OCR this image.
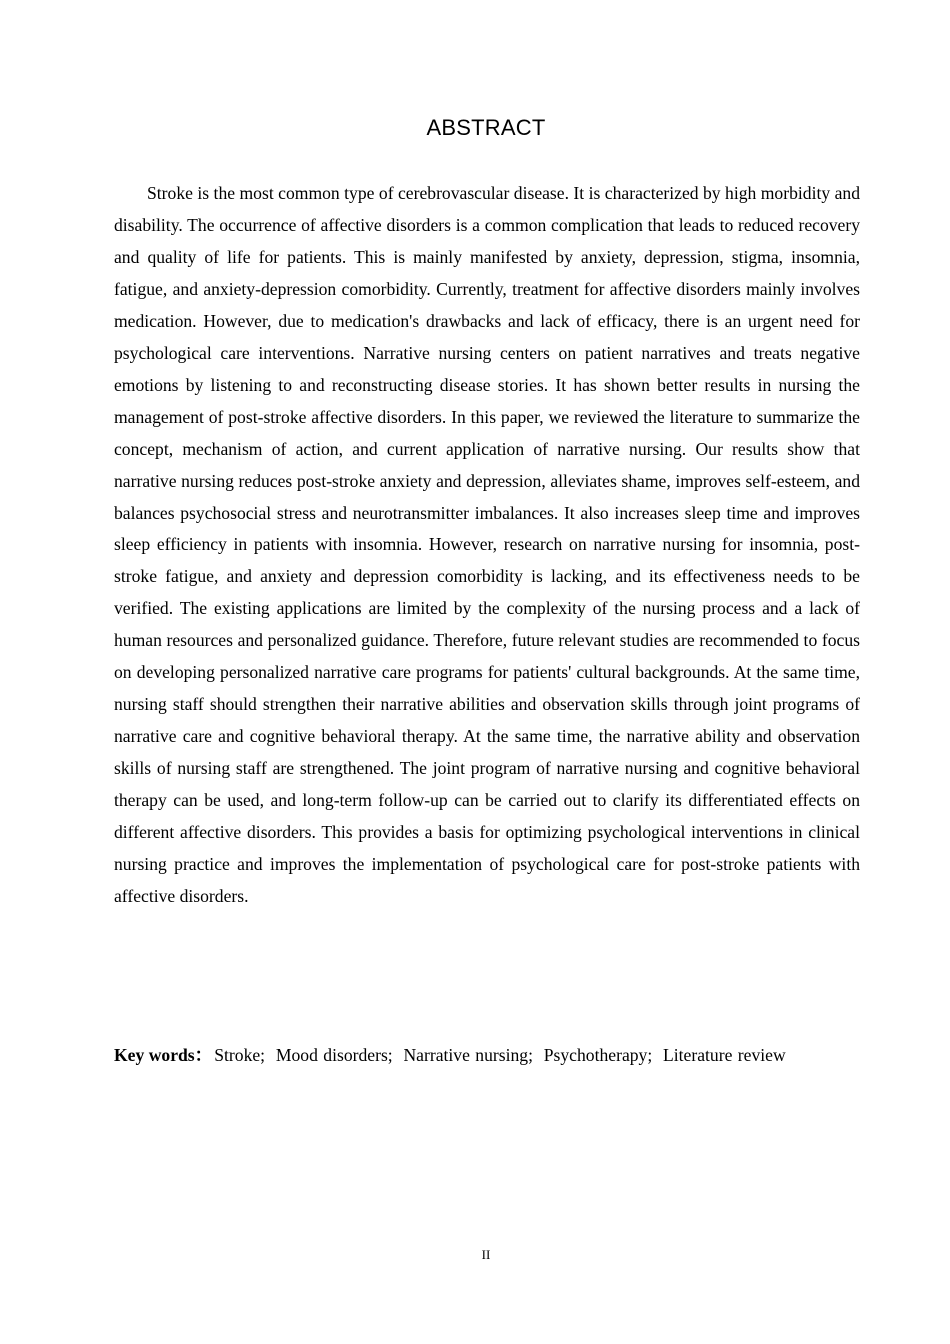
ABSTRACT

Stroke is the most common type of cerebrovascular disease. It is characterized by high morbidity and disability. The occurrence of affective disorders is a common complication that leads to reduced recovery and quality of life for patients. This is mainly manifested by anxiety, depression, stigma, insomnia, fatigue, and anxiety-depression comorbidity. Currently, treatment for affective disorders mainly involves medication. However, due to medication's drawbacks and lack of efficacy, there is an urgent need for psychological care interventions. Narrative nursing centers on patient narratives and treats negative emotions by listening to and reconstructing disease stories. It has shown better results in nursing the management of post-stroke affective disorders. In this paper, we reviewed the literature to summarize the concept, mechanism of action, and current application of narrative nursing. Our results show that narrative nursing reduces post-stroke anxiety and depression, alleviates shame, improves self-esteem, and balances psychosocial stress and neurotransmitter imbalances. It also increases sleep time and improves sleep efficiency in patients with insomnia. However, research on narrative nursing for insomnia, post-stroke fatigue, and anxiety and depression comorbidity is lacking, and its effectiveness needs to be verified. The existing applications are limited by the complexity of the nursing process and a lack of human resources and personalized guidance. Therefore, future relevant studies are recommended to focus on developing personalized narrative care programs for patients' cultural backgrounds. At the same time, nursing staff should strengthen their narrative abilities and observation skills through joint programs of narrative care and cognitive behavioral therapy. At the same time, the narrative ability and observation skills of nursing staff are strengthened. The joint program of narrative nursing and cognitive behavioral therapy can be used, and long-term follow-up can be carried out to clarify its differentiated effects on different affective disorders. This provides a basis for optimizing psychological interventions in clinical nursing practice and improves the implementation of psychological care for post-stroke patients with affective disorders.

Key words： Stroke;  Mood disorders;  Narrative nursing;  Psychotherapy;  Literature review

II
